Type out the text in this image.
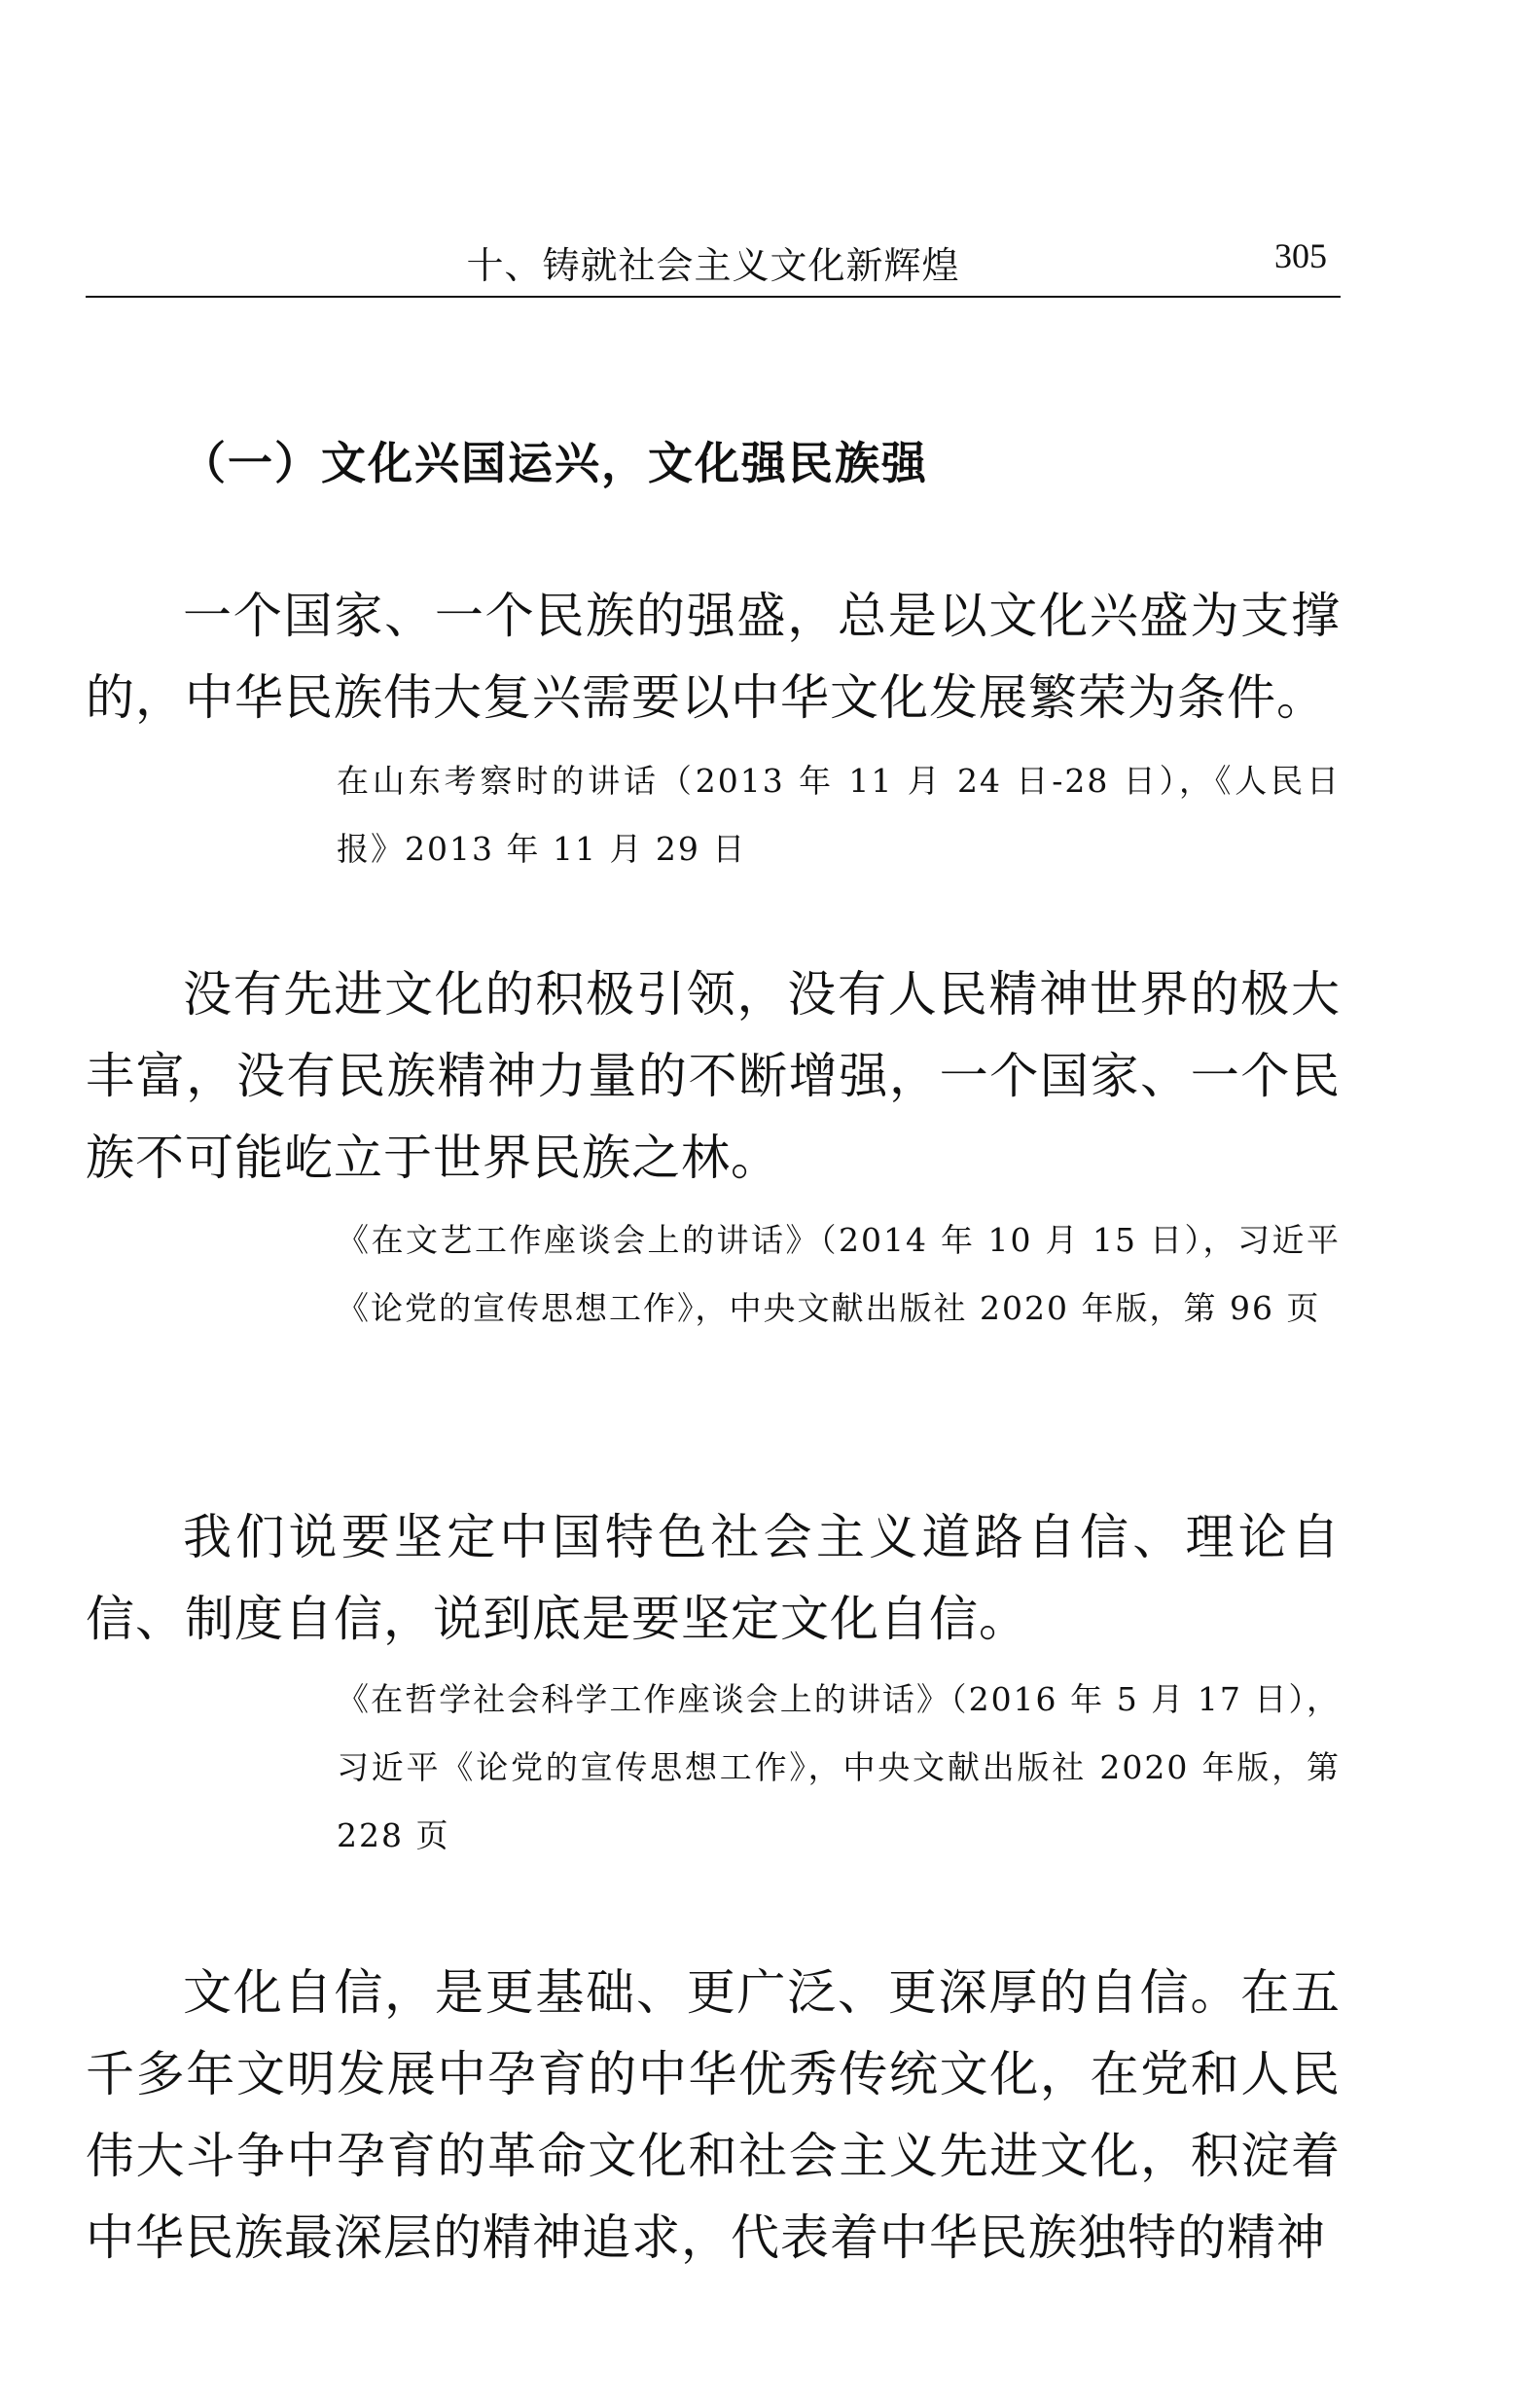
十、铸就社会主义文化新辉煌	305
（一）文化兴国运兴，文化强民族强

一个国家、一个民族的强盛，总是以文化兴盛为支撑的，中华民族伟大复兴需要以中华文化发展繁荣为条件。

在山东考察时的讲话（2013 年 11 月 24 日-28 日），《人民日报》2013 年 11 月 29 日

没有先进文化的积极引领，没有人民精神世界的极大丰富，没有民族精神力量的不断增强，一个国家、一个民族不可能屹立于世界民族之林。

《在文艺工作座谈会上的讲话》（2014 年 10 月 15 日），习近平《论党的宣传思想工作》，中央文献出版社 2020 年版，第 96 页

我们说要坚定中国特色社会主义道路自信、理论自信、制度自信，说到底是要坚定文化自信。

《在哲学社会科学工作座谈会上的讲话》（2016 年 5 月 17 日），习近平《论党的宣传思想工作》，中央文献出版社 2020 年版，第 228 页

文化自信，是更基础、更广泛、更深厚的自信。在五千多年文明发展中孕育的中华优秀传统文化，在党和人民伟大斗争中孕育的革命文化和社会主义先进文化，积淀着中华民族最深层的精神追求，代表着中华民族独特的精神
